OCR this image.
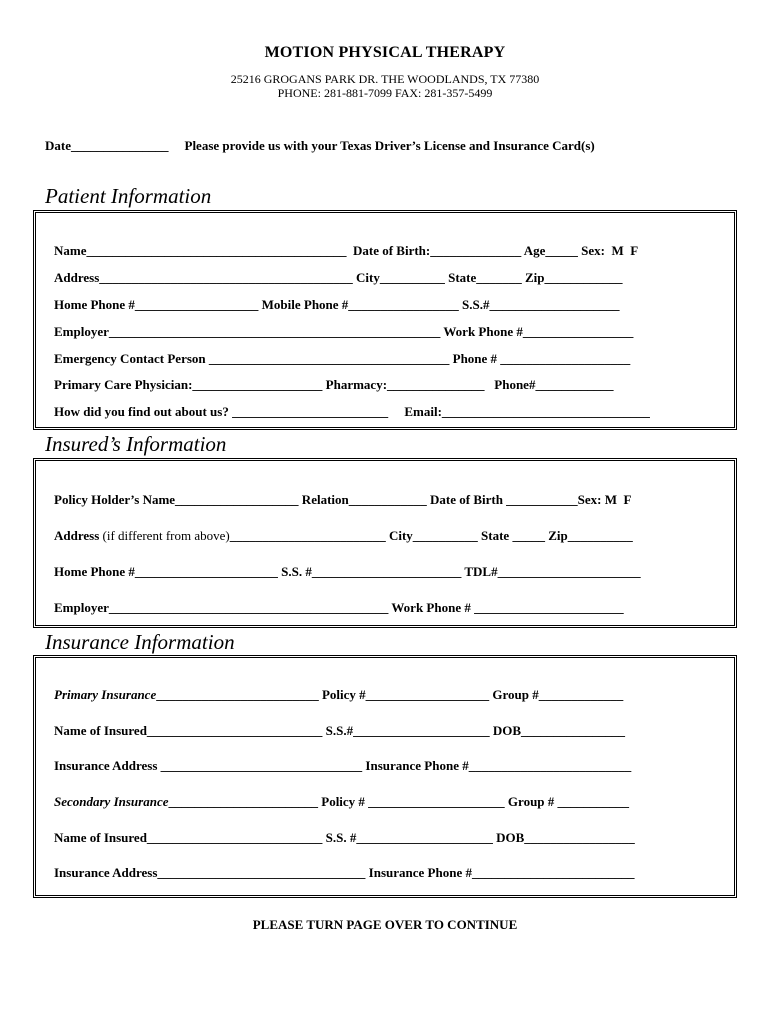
MOTION PHYSICAL THERAPY
25216 GROGANS PARK DR. THE WOODLANDS, TX 77380
PHONE: 281-881-7099 FAX: 281-357-5499
Date_______________ Please provide us with your Texas Driver’s License and Insurance Card(s)
Patient Information
Name________________________________________  Date of Birth:______________ Age_____ Sex:  M  F
Address_______________________________________ City__________ State_______ Zip____________
Home Phone #___________________ Mobile Phone #_________________ S.S.#____________________
Employer___________________________________________________ Work Phone #_________________
Emergency Contact Person _____________________________________ Phone # ____________________
Primary Care Physician:____________________ Pharmacy:_______________   Phone#____________
How did you find out about us? ________________________     Email:________________________________
Insured’s Information
Policy Holder’s Name___________________ Relation____________ Date of Birth ___________Sex: M  F
Address (if different from above)________________________ City__________ State _____ Zip__________
Home Phone #______________________ S.S. #_______________________ TDL#______________________
Employer___________________________________________ Work Phone # _______________________
Insurance Information
Primary Insurance_________________________ Policy #___________________ Group #_____________
Name of Insured___________________________ S.S.#_____________________ DOB________________
Insurance Address _______________________________ Insurance Phone #_________________________
Secondary Insurance_______________________ Policy # _____________________ Group # ___________
Name of Insured___________________________ S.S. #_____________________ DOB_________________
Insurance Address________________________________ Insurance Phone #_________________________
PLEASE TURN PAGE OVER TO CONTINUE
